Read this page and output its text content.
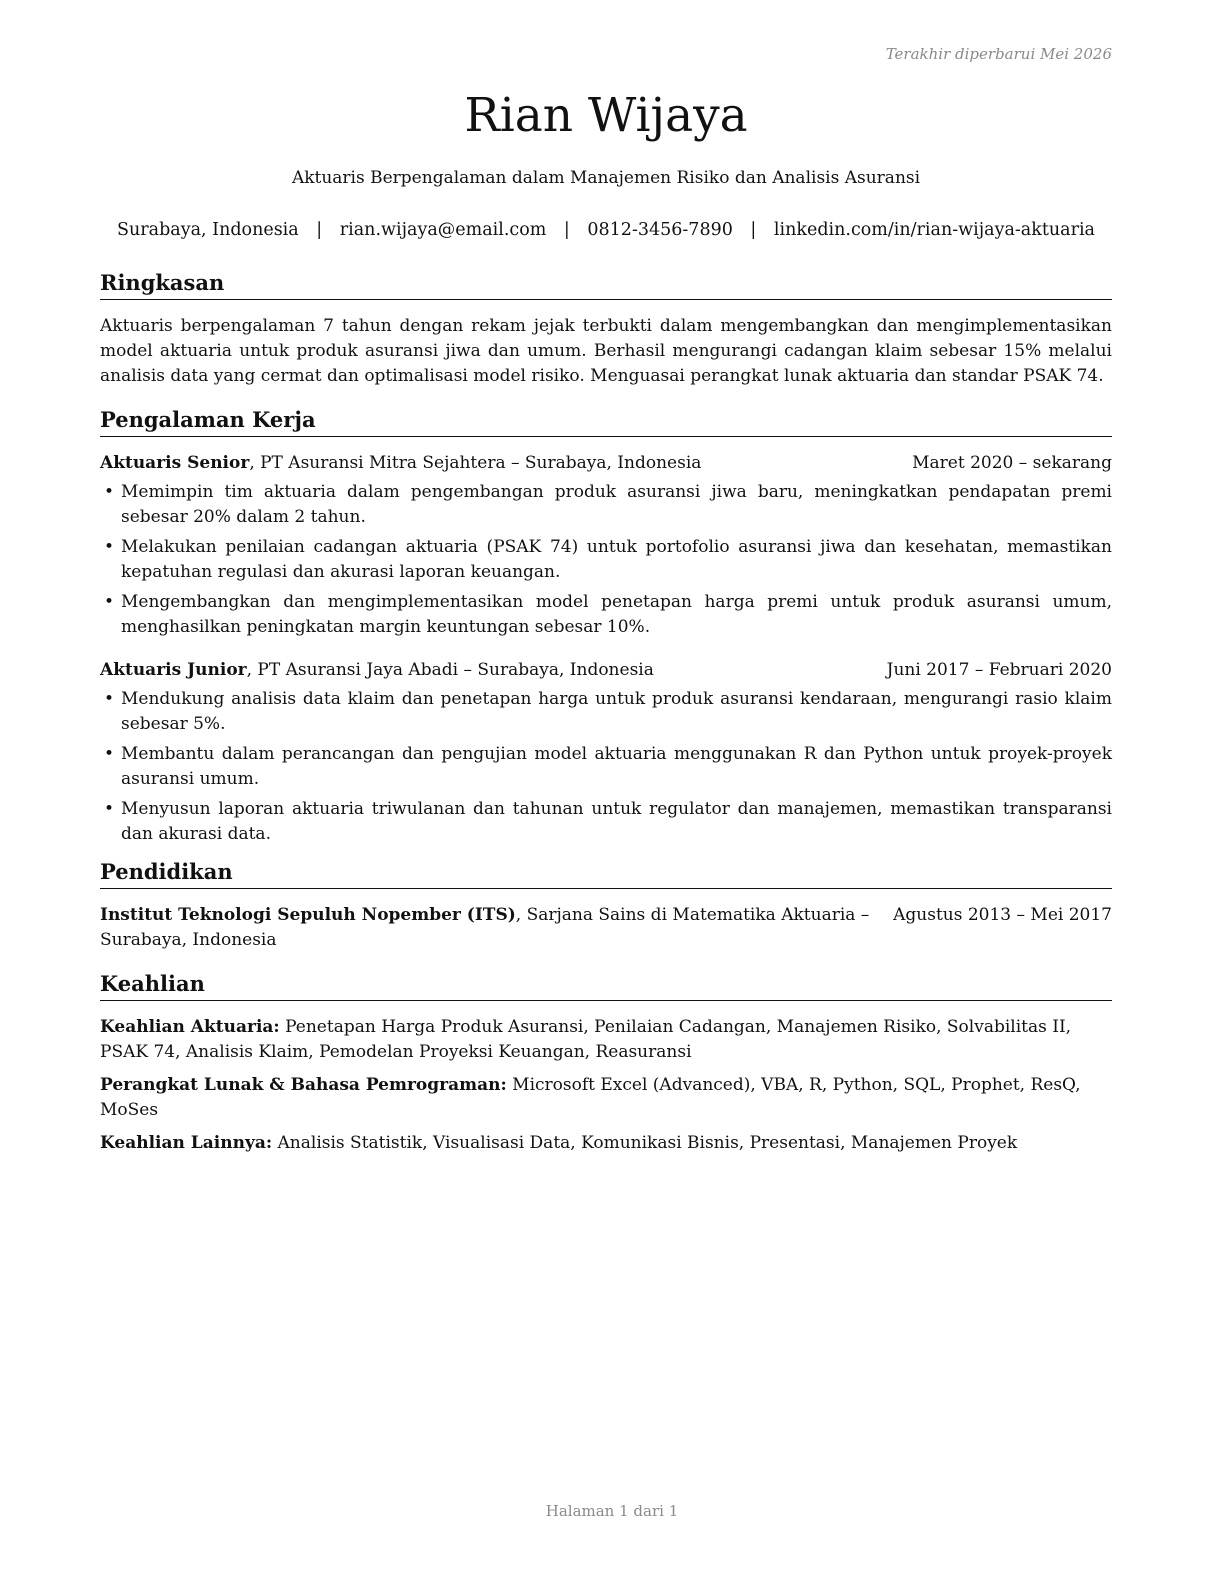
Terakhir diperbarui Mei 2026
Rian Wijaya
Aktuaris Berpengalaman dalam Manajemen Risiko dan Analisis Asuransi
Surabaya, Indonesia | rian.wijaya@email.com | 0812-3456-7890 | linkedin.com/in/rian-wijaya-aktuaria
Ringkasan

Aktuaris berpengalaman 7 tahun dengan rekam jejak terbukti dalam mengembangkan dan mengimplementasikan model aktuaria untuk produk asuransi jiwa dan umum. Berhasil mengurangi cadangan klaim sebesar 15% melalui analisis data yang cermat dan optimalisasi model risiko. Menguasai perangkat lunak aktuaria dan standar PSAK 74.

Pengalaman Kerja
Aktuaris Senior, PT Asuransi Mitra Sejahtera – Surabaya, Indonesia	Maret 2020 – sekarang
• Memimpin tim aktuaria dalam pengembangan produk asuransi jiwa baru, meningkatkan pendapatan premi sebesar 20% dalam 2 tahun.
• Melakukan penilaian cadangan aktuaria (PSAK 74) untuk portofolio asuransi jiwa dan kesehatan, memastikan kepatuhan regulasi dan akurasi laporan keuangan.
• Mengembangkan dan mengimplementasikan model penetapan harga premi untuk produk asuransi umum, menghasilkan peningkatan margin keuntungan sebesar 10%.
Aktuaris Junior, PT Asuransi Jaya Abadi – Surabaya, Indonesia	Juni 2017 – Februari 2020
• Mendukung analisis data klaim dan penetapan harga untuk produk asuransi kendaraan, mengurangi rasio klaim sebesar 5%.
• Membantu dalam perancangan dan pengujian model aktuaria menggunakan R dan Python untuk proyek-proyek asuransi umum.
• Menyusun laporan aktuaria triwulanan dan tahunan untuk regulator dan manajemen, memastikan transparansi dan akurasi data.
Pendidikan
Institut Teknologi Sepuluh Nopember (ITS), Sarjana Sains di Matematika Aktuaria – Surabaya, Indonesia
Agustus 2013 – Mei 2017
Keahlian
Keahlian Aktuaria: Penetapan Harga Produk Asuransi, Penilaian Cadangan, Manajemen Risiko, Solvabilitas II, PSAK 74, Analisis Klaim, Pemodelan Proyeksi Keuangan, Reasuransi
Perangkat Lunak & Bahasa Pemrograman: Microsoft Excel (Advanced), VBA, R, Python, SQL, Prophet, ResQ, MoSes
Keahlian Lainnya: Analisis Statistik, Visualisasi Data, Komunikasi Bisnis, Presentasi, Manajemen Proyek
Halaman 1 dari 1
